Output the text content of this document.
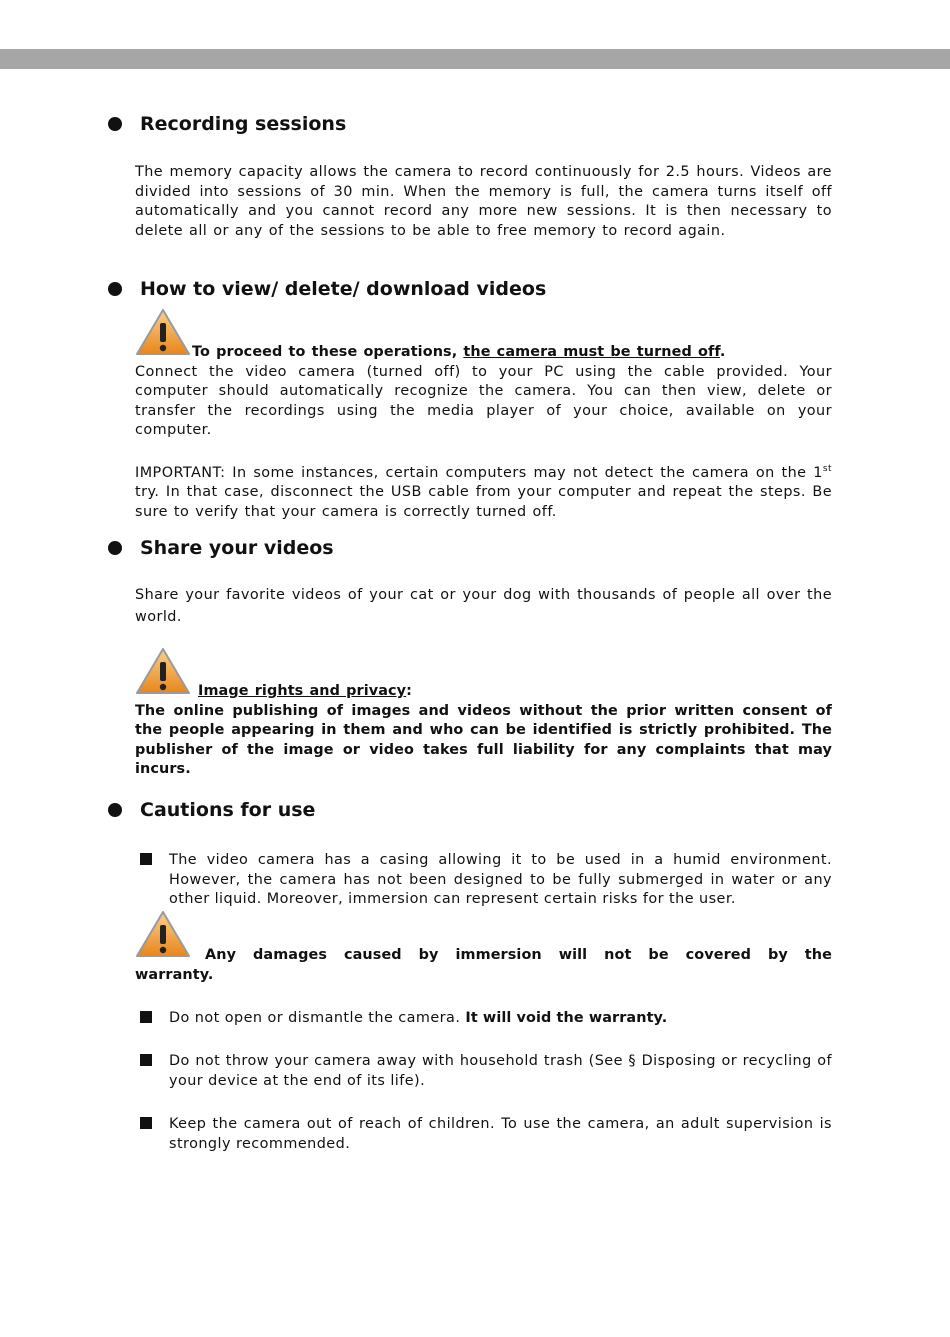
Recording sessions

The memory capacity allows the camera to record continuously for 2.5 hours. Videos are divided into sessions of 30 min. When the memory is full, the camera turns itself off automatically and you cannot record any more new sessions. It is then necessary to delete all or any of the sessions to be able to free memory to record again.

How to view/ delete/ download videos

To proceed to these operations, the camera must be turned off.

Connect the video camera (turned off) to your PC using the cable provided. Your computer should automatically recognize the camera. You can then view, delete or transfer the recordings using the media player of your choice, available on your computer.

IMPORTANT: In some instances, certain computers may not detect the camera on the 1st try. In that case, disconnect the USB cable from your computer and repeat the steps. Be sure to verify that your camera is correctly turned off.

Share your videos

Share your favorite videos of your cat or your dog with thousands of people all over the world.

Image rights and privacy:

The online publishing of images and videos without the prior written consent of the people appearing in them and who can be identified is strictly prohibited. The publisher of the image or video takes full liability for any complaints that may incurs.

Cautions for use
The video camera has a casing allowing it to be used in a humid environment. However, the camera has not been designed to be fully submerged in water or any other liquid. Moreover, immersion can represent certain risks for the user.

Any damages caused by immersion will not be covered by the warranty.

Do not open or dismantle the camera. It will void the warranty.
Do not throw your camera away with household trash (See § Disposing or recycling of your device at the end of its life).
Keep the camera out of reach of children. To use the camera, an adult supervision is strongly recommended.
